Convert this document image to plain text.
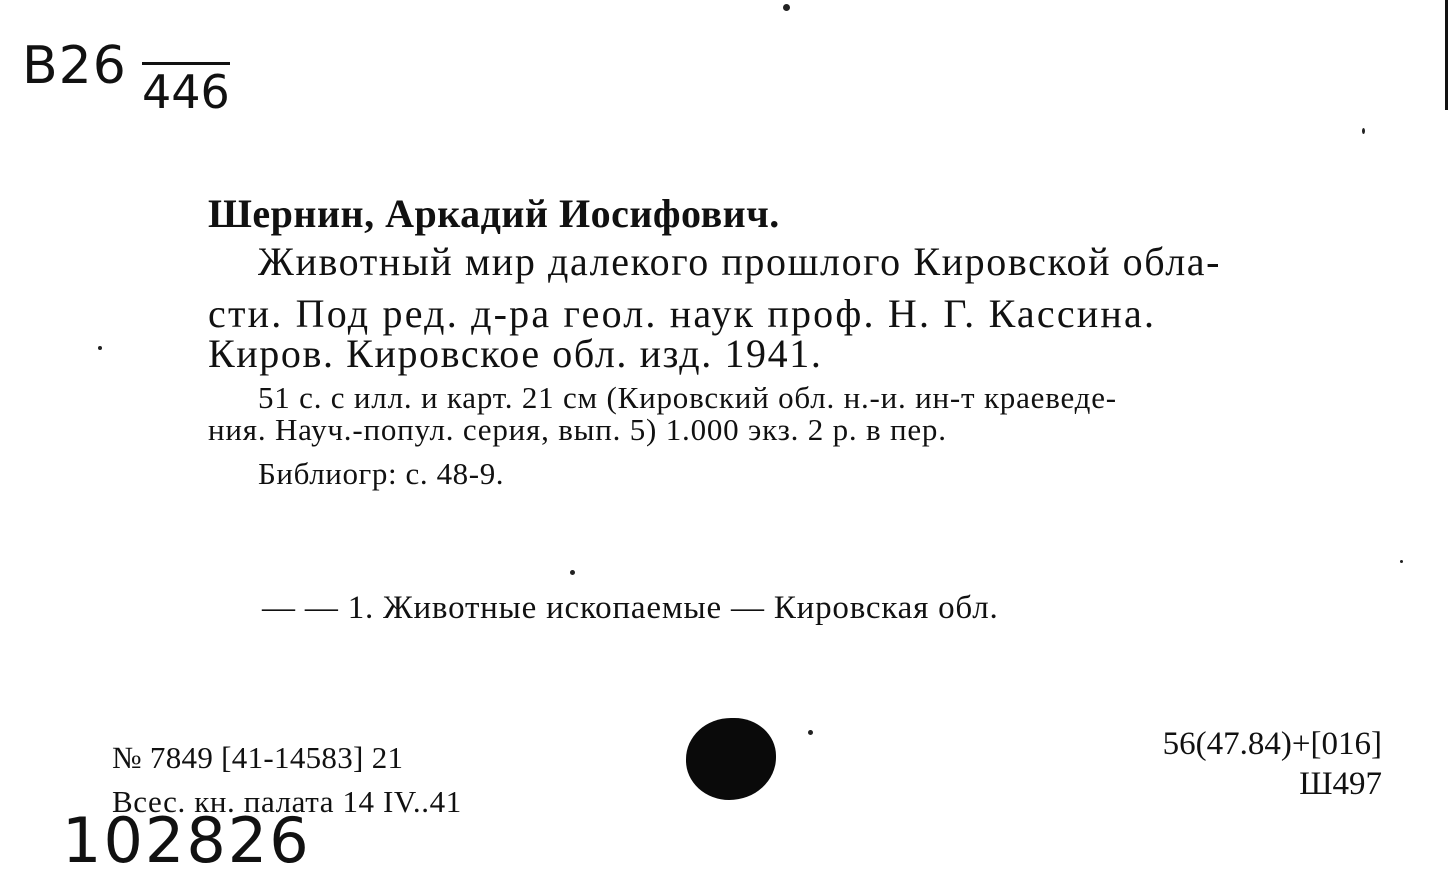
В26 446
Шернин, Аркадий Иосифович.
Животный мир далекого прошлого Кировской обла-
сти. Под ред. д-ра геол. наук проф. Н. Г. Кассина.
Киров. Кировское обл. изд. 1941.
51 с. с илл. и карт. 21 см (Кировский обл. н.-и. ин-т краеведе-
ния. Науч.-попул. серия, вып. 5) 1.000 экз. 2 р. в пер.
Библиогр: с. 48-9.
— — 1. Животные ископаемые — Кировская обл.
№ 7849 [41-14583] 21
Всес. кн. палата 14 IV..41
56(47.84)+[016]
Ш497
102826
